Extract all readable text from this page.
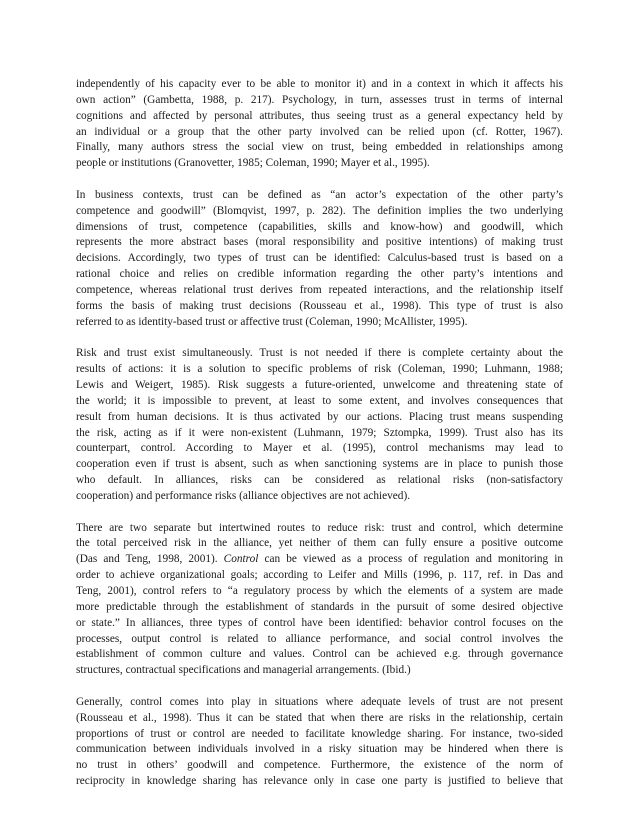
independently of his capacity ever to be able to monitor it) and in a context in which it affects his
own action” (Gambetta, 1988, p. 217). Psychology, in turn, assesses trust in terms of internal
cognitions and affected by personal attributes, thus seeing trust as a general expectancy held by
an individual or a group that the other party involved can be relied upon (cf. Rotter, 1967).
Finally, many authors stress the social view on trust, being embedded in relationships among
people or institutions (Granovetter, 1985; Coleman, 1990; Mayer et al., 1995).

In business contexts, trust can be defined as “an actor’s expectation of the other party’s
competence and goodwill” (Blomqvist, 1997, p. 282). The definition implies the two underlying
dimensions of trust, competence (capabilities, skills and know-how) and goodwill, which
represents the more abstract bases (moral responsibility and positive intentions) of making trust
decisions. Accordingly, two types of trust can be identified: Calculus-based trust is based on a
rational choice and relies on credible information regarding the other party’s intentions and
competence, whereas relational trust derives from repeated interactions, and the relationship itself
forms the basis of making trust decisions (Rousseau et al., 1998). This type of trust is also
referred to as identity-based trust or affective trust (Coleman, 1990; McAllister, 1995).

Risk and trust exist simultaneously. Trust is not needed if there is complete certainty about the
results of actions: it is a solution to specific problems of risk (Coleman, 1990; Luhmann, 1988;
Lewis and Weigert, 1985). Risk suggests a future-oriented, unwelcome and threatening state of
the world; it is impossible to prevent, at least to some extent, and involves consequences that
result from human decisions. It is thus activated by our actions. Placing trust means suspending
the risk, acting as if it were non-existent (Luhmann, 1979; Sztompka, 1999). Trust also has its
counterpart, control. According to Mayer et al. (1995), control mechanisms may lead to
cooperation even if trust is absent, such as when sanctioning systems are in place to punish those
who default. In alliances, risks can be considered as relational risks (non-satisfactory
cooperation) and performance risks (alliance objectives are not achieved).

There are two separate but intertwined routes to reduce risk: trust and control, which determine
the total perceived risk in the alliance, yet neither of them can fully ensure a positive outcome
(Das and Teng, 1998, 2001). Control can be viewed as a process of regulation and monitoring in
order to achieve organizational goals; according to Leifer and Mills (1996, p. 117, ref. in Das and
Teng, 2001), control refers to “a regulatory process by which the elements of a system are made
more predictable through the establishment of standards in the pursuit of some desired objective
or state.” In alliances, three types of control have been identified: behavior control focuses on the
processes, output control is related to alliance performance, and social control involves the
establishment of common culture and values. Control can be achieved e.g. through governance
structures, contractual specifications and managerial arrangements. (Ibid.)

Generally, control comes into play in situations where adequate levels of trust are not present
(Rousseau et al., 1998). Thus it can be stated that when there are risks in the relationship, certain
proportions of trust or control are needed to facilitate knowledge sharing. For instance, two-sided
communication between individuals involved in a risky situation may be hindered when there is
no trust in others’ goodwill and competence. Furthermore, the existence of the norm of
reciprocity in knowledge sharing has relevance only in case one party is justified to believe that
